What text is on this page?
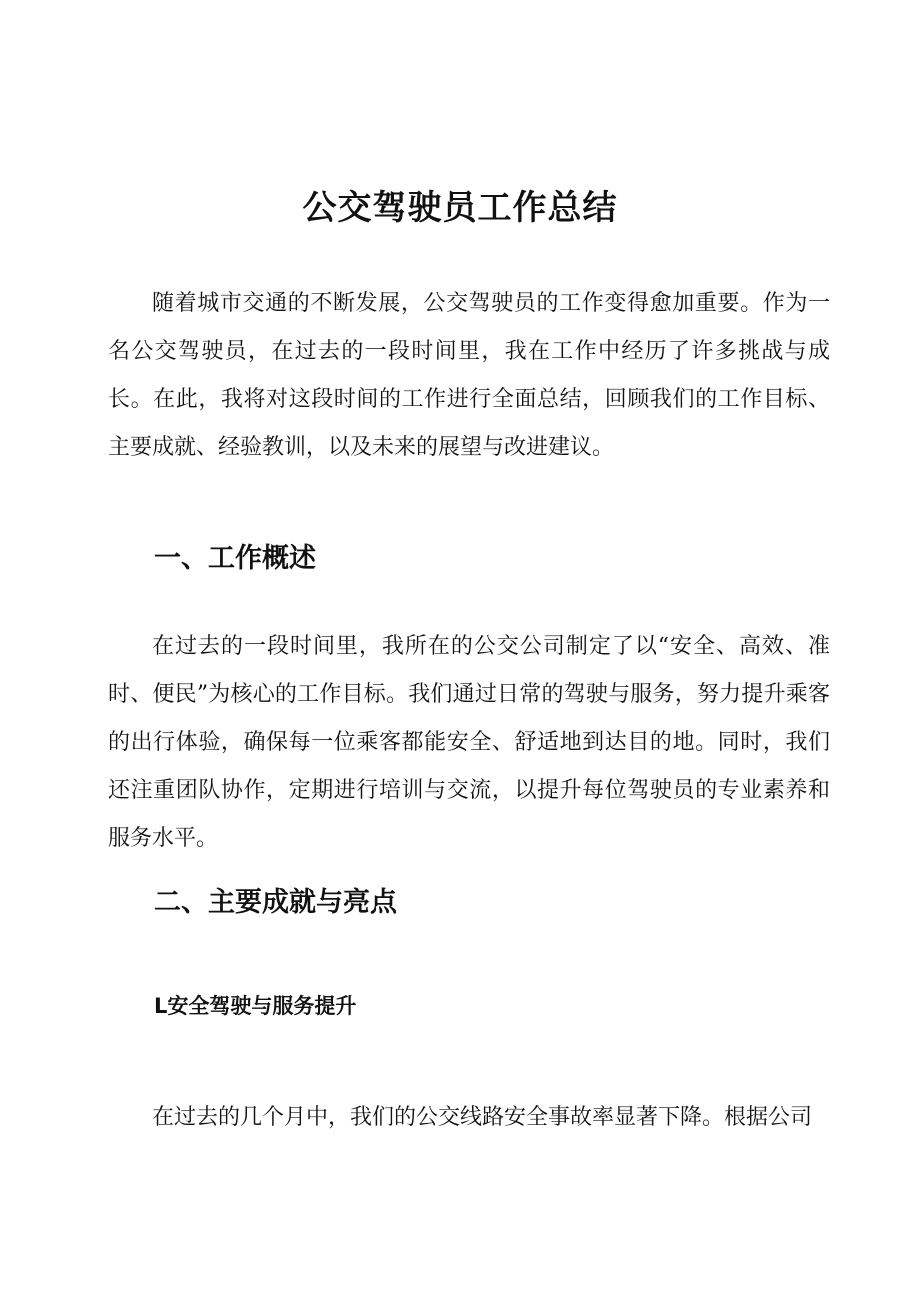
公交驾驶员工作总结

随着城市交通的不断发展，公交驾驶员的工作变得愈加重要。作为一名公交驾驶员，在过去的一段时间里，我在工作中经历了许多挑战与成长。在此，我将对这段时间的工作进行全面总结，回顾我们的工作目标、主要成就、经验教训，以及未来的展望与改进建议。

一、工作概述

在过去的一段时间里，我所在的公交公司制定了以“安全、高效、准时、便民”为核心的工作目标。我们通过日常的驾驶与服务，努力提升乘客的出行体验，确保每一位乘客都能安全、舒适地到达目的地。同时，我们还注重团队协作，定期进行培训与交流，以提升每位驾驶员的专业素养和服务水平。

二、主要成就与亮点
L安全驾驶与服务提升

在过去的几个月中，我们的公交线路安全事故率显著下降。根据公司
